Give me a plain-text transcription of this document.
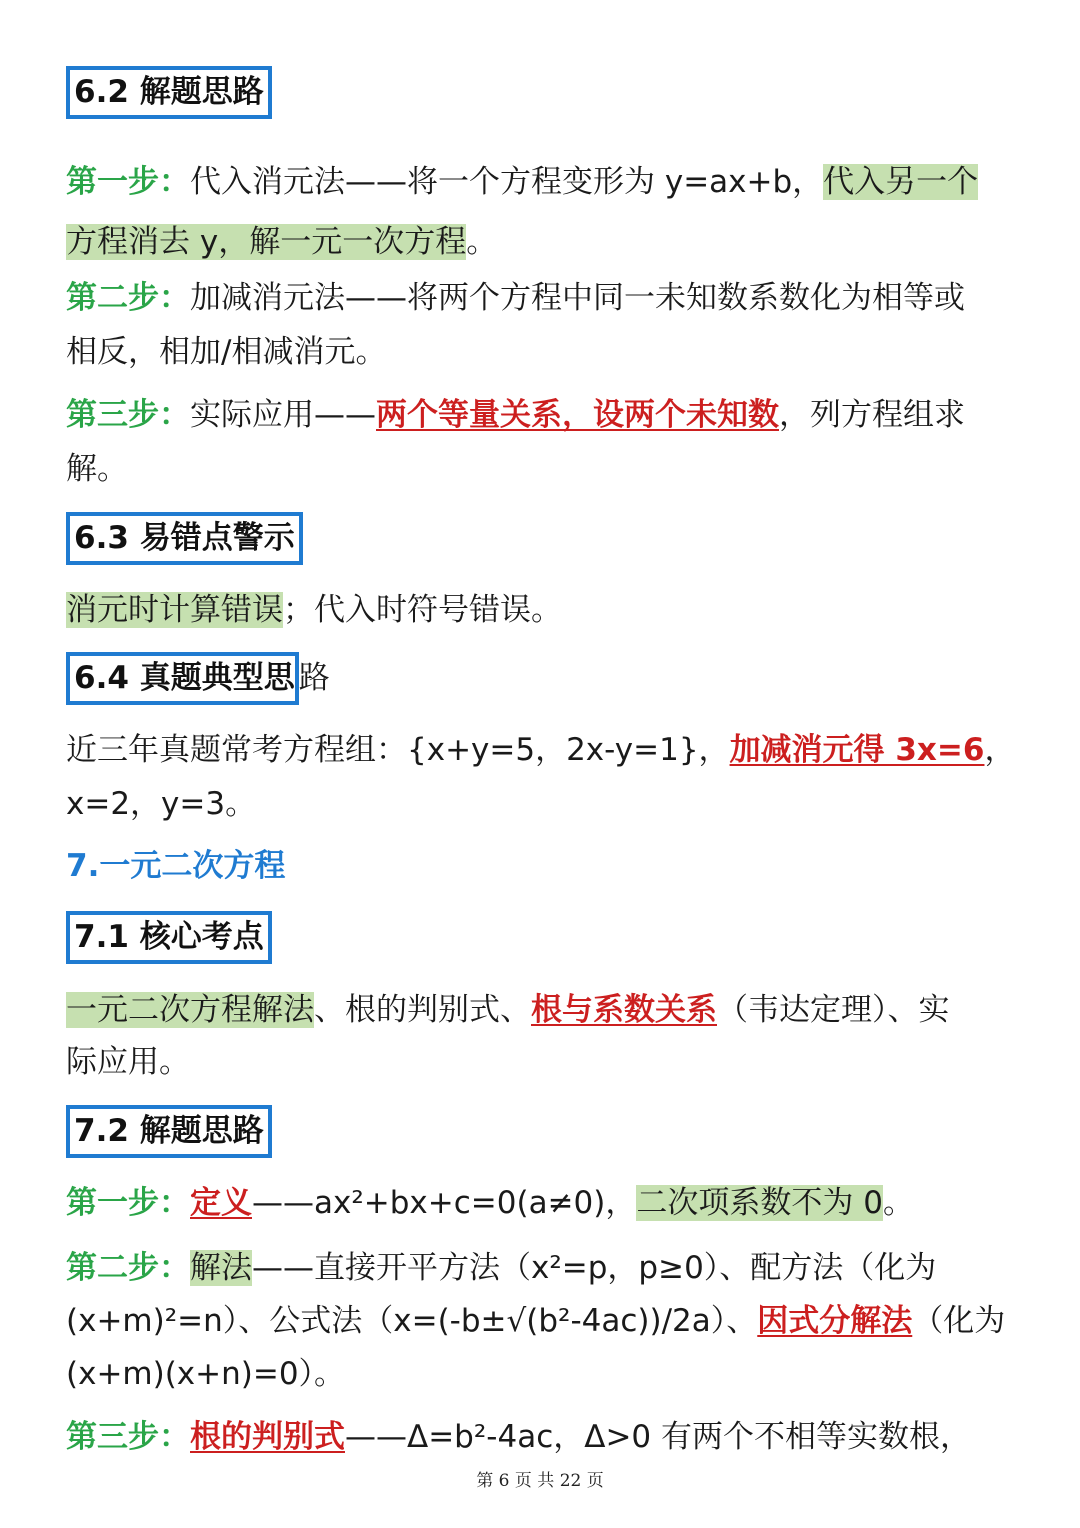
6.2 解题思路
第一步：代入消元法——将一个方程变形为 y=ax+b，代入另一个
方程消去 y，解一元一次方程。
第二步：加减消元法——将两个方程中同一未知数系数化为相等或
相反，相加/相减消元。
第三步：实际应用——两个等量关系，设两个未知数，列方程组求
解。
6.3 易错点警示
消元时计算错误；代入时符号错误。
6.4 真题典型思 路
近三年真题常考方程组：{x+y=5，2x-y=1}，加减消元得 3x=6，
x=2，y=3。
7.一元二次方程
7.1 核心考点
一元二次方程解法、根的判别式、根与系数关系（韦达定理）、实
际应用。
7.2 解题思路
第一步：定义——ax²+bx+c=0(a≠0)，二次项系数不为 0。
第二步：解法——直接开平方法（x²=p，p≥0）、配方法（化为
(x+m)²=n）、公式法（x=(-b±√(b²-4ac))/2a）、因式分解法（化为
(x+m)(x+n)=0）。
第三步：根的判别式——Δ=b²-4ac，Δ>0 有两个不相等实数根，
第 6 页 共 22 页
